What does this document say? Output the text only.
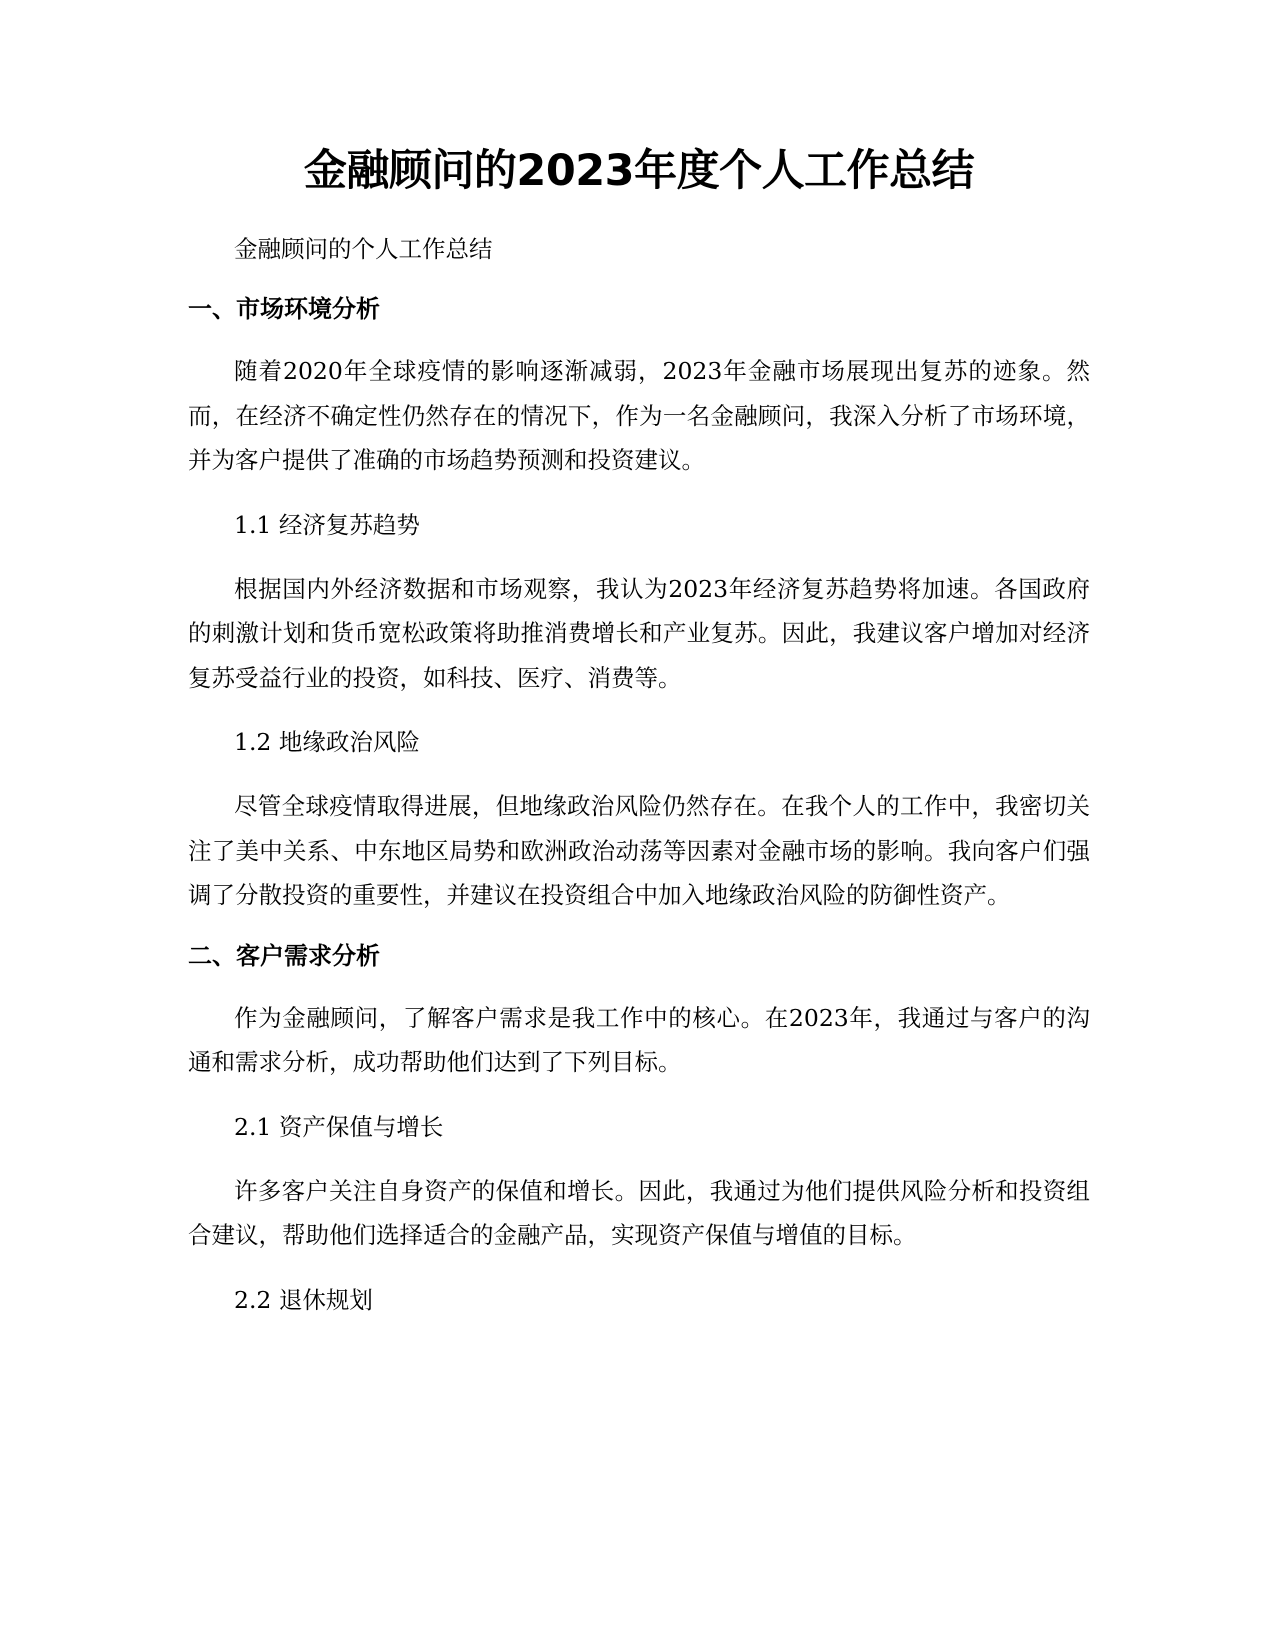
金融顾问的2023年度个人工作总结

金融顾问的个人工作总结

一、市场环境分析

随着2020年全球疫情的影响逐渐减弱，2023年金融市场展现出复苏的迹象。然而，在经济不确定性仍然存在的情况下，作为一名金融顾问，我深入分析了市场环境，并为客户提供了准确的市场趋势预测和投资建议。

1.1 经济复苏趋势

根据国内外经济数据和市场观察，我认为2023年经济复苏趋势将加速。各国政府的刺激计划和货币宽松政策将助推消费增长和产业复苏。因此，我建议客户增加对经济复苏受益行业的投资，如科技、医疗、消费等。

1.2 地缘政治风险

尽管全球疫情取得进展，但地缘政治风险仍然存在。在我个人的工作中，我密切关注了美中关系、中东地区局势和欧洲政治动荡等因素对金融市场的影响。我向客户们强调了分散投资的重要性，并建议在投资组合中加入地缘政治风险的防御性资产。

二、客户需求分析

作为金融顾问，了解客户需求是我工作中的核心。在2023年，我通过与客户的沟通和需求分析，成功帮助他们达到了下列目标。

2.1 资产保值与增长

许多客户关注自身资产的保值和增长。因此，我通过为他们提供风险分析和投资组合建议，帮助他们选择适合的金融产品，实现资产保值与增值的目标。

2.2 退休规划
